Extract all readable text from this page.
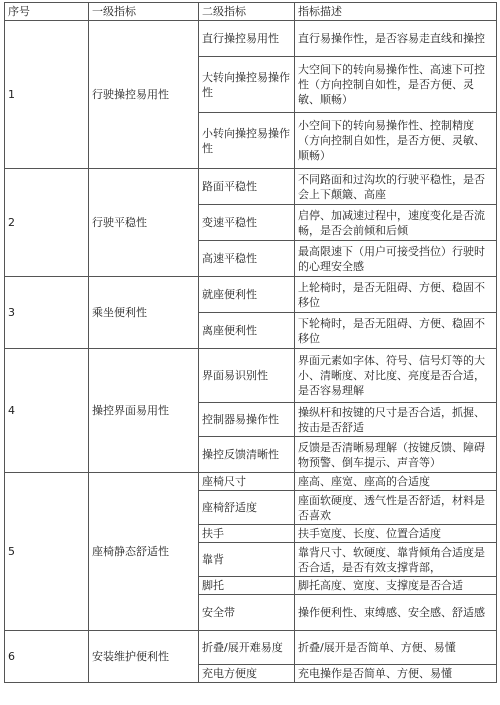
序号	一级指标	二级指标	指标描述
1	行驶操控易用性	直行操控易用性	直行易操作性，是否容易走直线和操控
		大转向操控易操作性	大空间下的转向易操作性、高速下可控性（方向控制自如性，是否方便、灵敏、顺畅）
		小转向操控易操作性	小空间下的转向易操作性、控制精度（方向控制自如性，是否方便、灵敏、顺畅）
2	行驶平稳性	路面平稳性	不同路面和过沟坎的行驶平稳性，是否会上下颠簸、高座
		变速平稳性	启停、加减速过程中，速度变化是否流畅，是否会前倾和后倾
		高速平稳性	最高限速下（用户可接受挡位）行驶时的心理安全感
3	乘坐便利性	就座便利性	上轮椅时，是否无阻碍、方便、稳固不移位
		离座便利性	下轮椅时，是否无阻碍、方便、稳固不移位
4	操控界面易用性	界面易识别性	界面元素如字体、符号、信号灯等的大小、清晰度、对比度、亮度是否合适，是否容易理解
		控制器易操作性	操纵杆和按键的尺寸是否合适，抓握、按击是否舒适
		操控反馈清晰性	反馈是否清晰易理解（按键反馈、障碍物预警、倒车提示、声音等）
5	座椅静态舒适性	座椅尺寸	座高、座宽、座高的合适度
		座椅舒适度	座面软硬度、透气性是否舒适，材料是否喜欢
		扶手	扶手宽度、长度、位置合适度
		靠背	靠背尺寸、软硬度、靠背倾角合适度是否合适，是否有效支撑背部，
		脚托	脚托高度、宽度、支撑度是否合适
		安全带	操作便利性、束缚感、安全感、舒适感
6	安装维护便利性	折叠/展开难易度	折叠/展开是否简单、方便、易懂
		充电方便度	充电操作是否简单、方便、易懂
